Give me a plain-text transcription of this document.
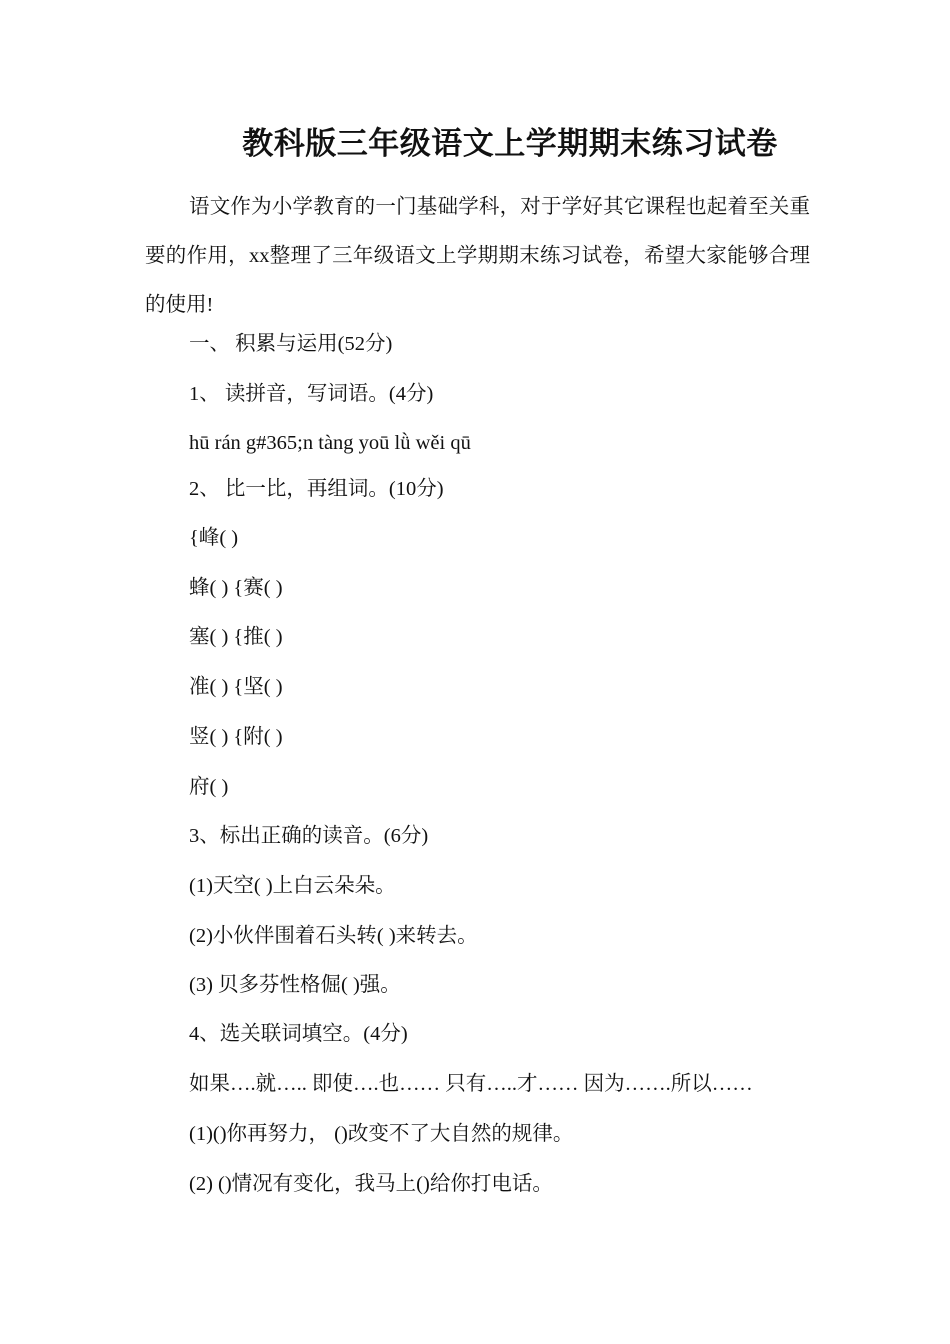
教科版三年级语文上学期期末练习试卷
语文作为小学教育的一门基础学科，对于学好其它课程也起着至关重要的作用，xx整理了三年级语文上学期期末练习试卷，希望大家能够合理的使用!
一、 积累与运用(52分)
1、 读拼音，写词语。(4分)
hū rán g#365;n tàng yoū lǜ wěi qū
2、 比一比，再组词。(10分)
{峰( )
蜂( ) {赛( )
塞( ) {推( )
准( ) {坚( )
竖( ) {附( )
府( )
3、标出正确的读音。(6分)
(1)天空( )上白云朵朵。
(2)小伙伴围着石头转( )来转去。
(3) 贝多芬性格倔( )强。
4、选关联词填空。(4分)
如果….就….. 即使….也…… 只有…..才…… 因为…….所以……
(1)()你再努力， ()改变不了大自然的规律。
(2) ()情况有变化，我马上()给你打电话。
